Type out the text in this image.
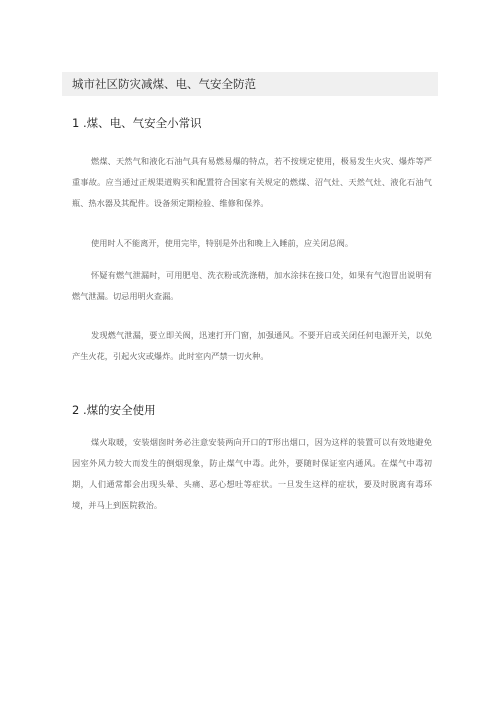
城市社区防灾减煤、电、气安全防范
1 .煤、电、气安全小常识

燃煤、天然气和液化石油气具有易燃易爆的特点，若不按规定使用，极易发生火灾、爆炸等严重事故。应当通过正规渠道购买和配置符合国家有关规定的燃煤、沼气灶、天然气灶、液化石油气瓶、热水器及其配件。设备须定期检验、维修和保养。

使用时人不能离开，使用完毕，特别是外出和晚上入睡前，应关闭总阀。

怀疑有燃气泄漏时，可用肥皂、洗衣粉或洗涤精，加水涂抹在接口处，如果有气泡冒出说明有燃气泄漏。切忌用明火查漏。

发现燃气泄漏，要立即关阀，迅速打开门窗，加强通风。不要开启或关闭任何电源开关，以免产生火花，引起火灾或爆炸。此时室内严禁一切火种。

2 .煤的安全使用

煤火取暖，安装烟囱时务必注意安装两向开口的T形出烟口，因为这样的装置可以有效地避免因室外风力较大而发生的倒烟现象，防止煤气中毒。此外，要随时保证室内通风。在煤气中毒初期，人们通常都会出现头晕、头痛、恶心想吐等症状。一旦发生这样的症状，要及时脱离有毒环境，并马上到医院救治。
